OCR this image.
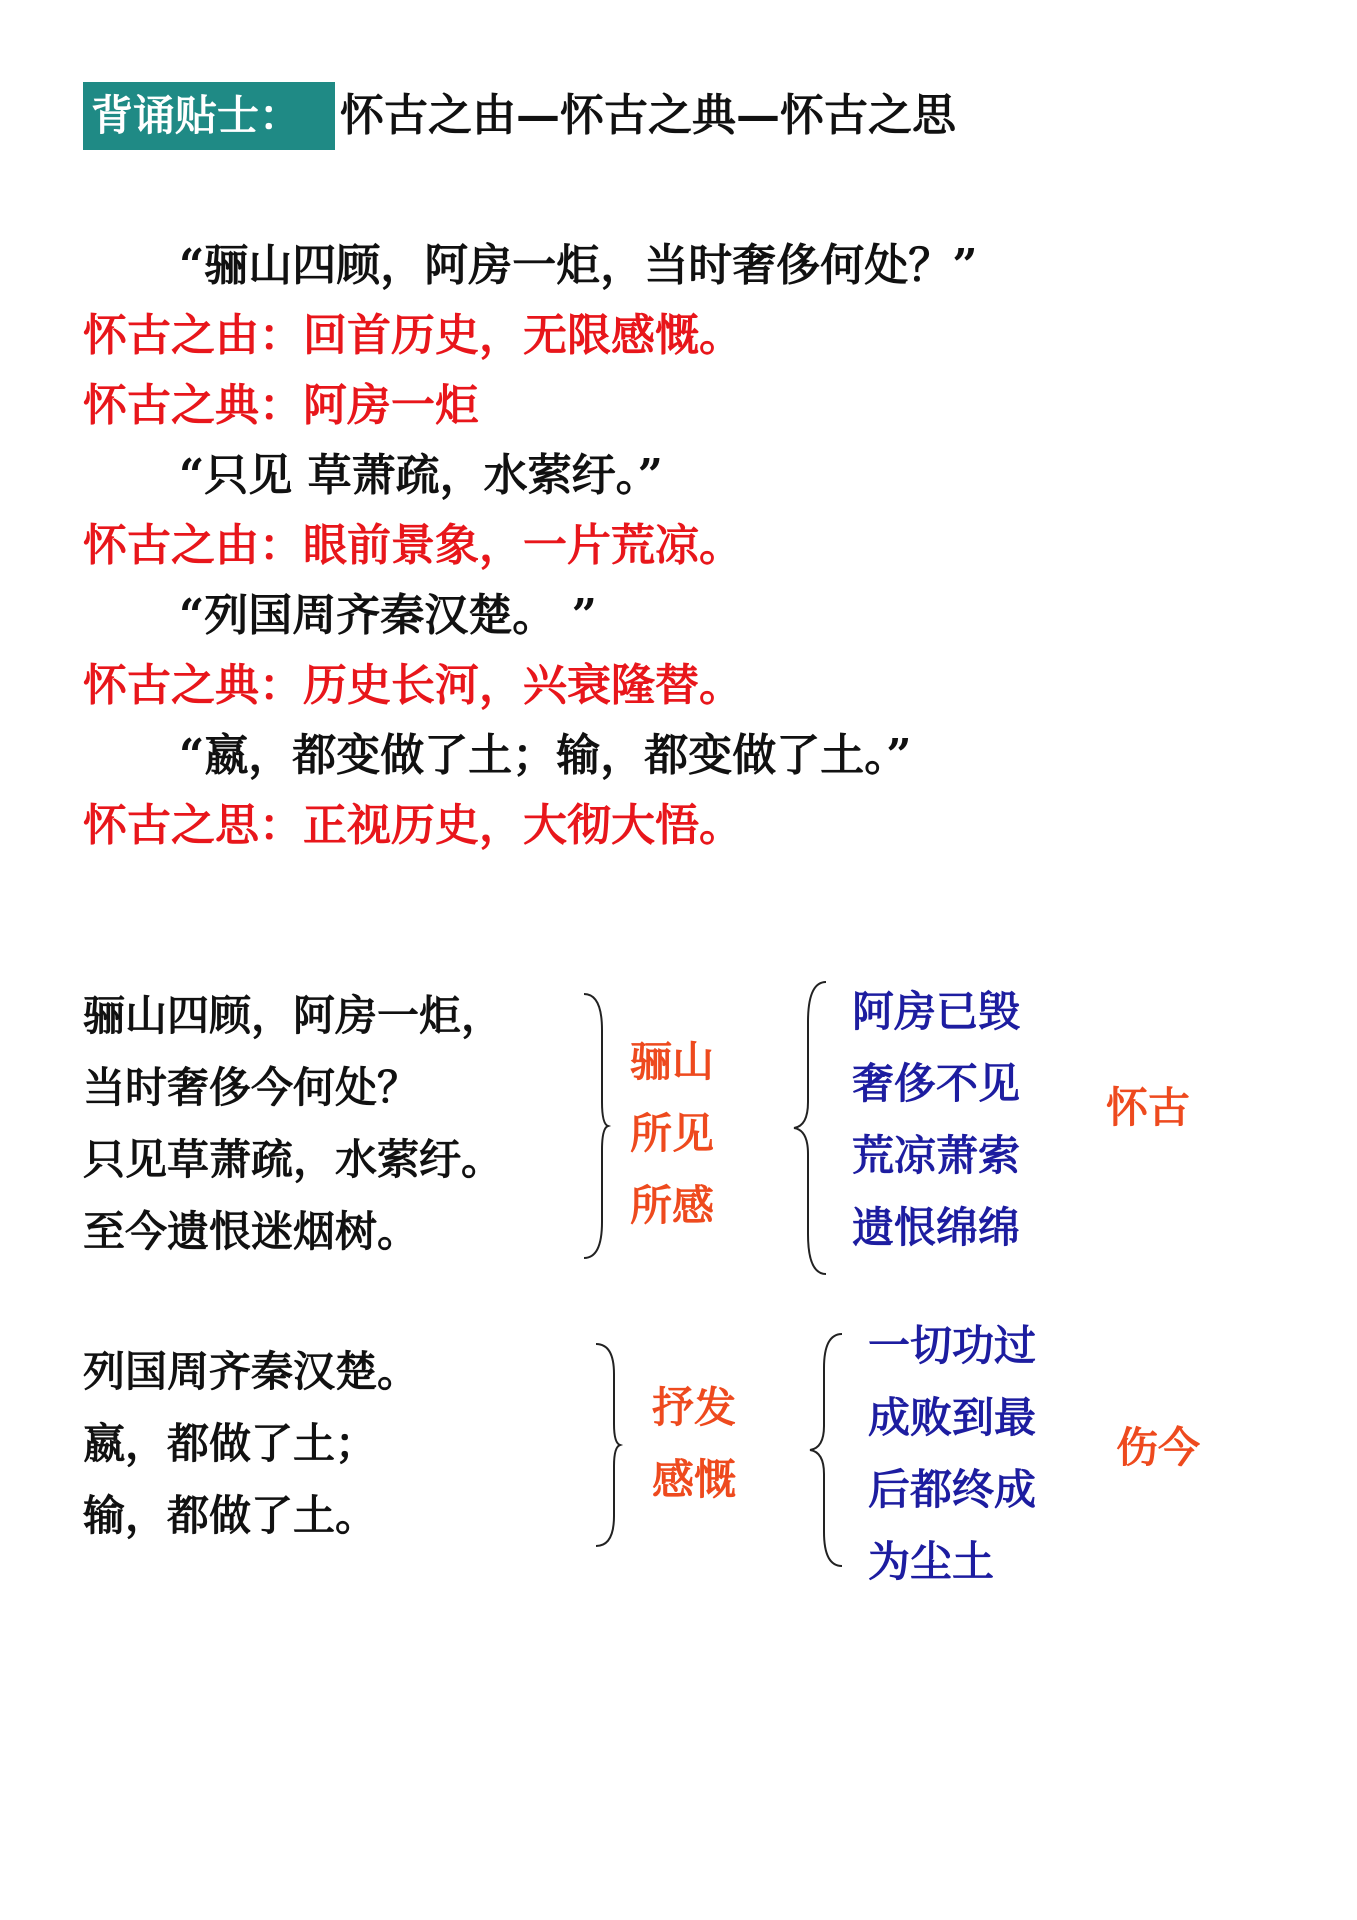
背诵贴士： 怀古之由—怀古之典—怀古之思
“骊山四顾，阿房一炬，当时奢侈何处？”
怀古之由：回首历史，无限感慨。
怀古之典：阿房一炬
“只见 草萧疏，水萦纡。”
怀古之由：眼前景象，一片荒凉。
“列国周齐秦汉楚。 ”
怀古之典：历史长河，兴衰隆替。
“嬴，都变做了土；输，都变做了土。”
怀古之思：正视历史，大彻大悟。
骊山四顾，阿房一炬，
当时奢侈今何处？
只见草萧疏，水萦纡。
至今遗恨迷烟树。
骊山
所见
所感
阿房已毁
奢侈不见
荒凉萧索
遗恨绵绵
怀古
列国周齐秦汉楚。
嬴，都做了土；
输，都做了土。
抒发
感慨
一切功过
成败到最
后都终成
为尘土
伤今
